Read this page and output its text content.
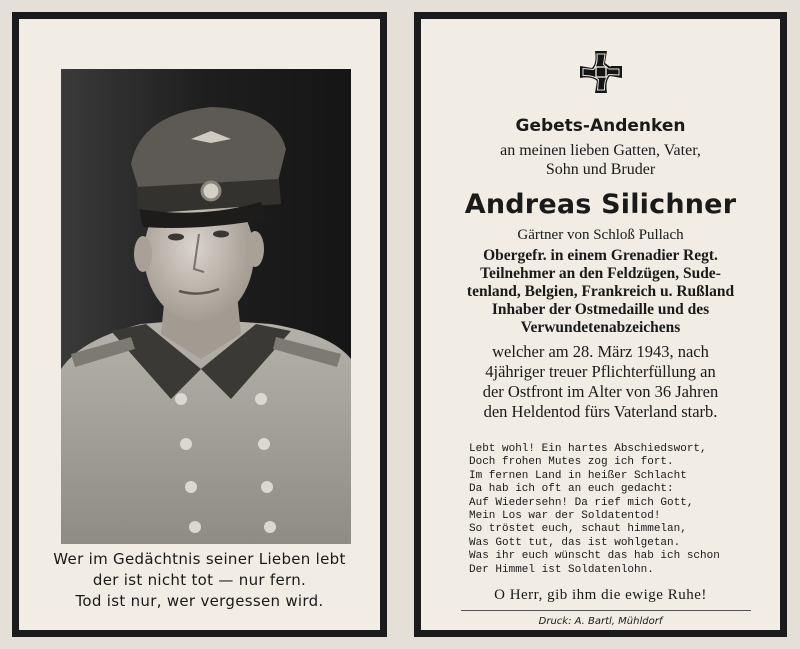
Wer im Gedächtnis seiner Lieben lebt
der ist nicht tot — nur fern.
Tod ist nur, wer vergessen wird.
Gebets-Andenken
an meinen lieben Gatten, Vater,
Sohn und Bruder
Andreas Silichner
Gärtner von Schloß Pullach
Obergefr. in einem Grenadier Regt.
Teilnehmer an den Feldzügen, Sude-
tenland, Belgien, Frankreich u. Rußland
Inhaber der Ostmedaille und des
Verwundetenabzeichens
welcher am 28. März 1943, nach
4jähriger treuer Pflichterfüllung an
der Ostfront im Alter von 36 Jahren
den Heldentod fürs Vaterland starb.
Lebt wohl! Ein hartes Abschiedswort,
Doch frohen Mutes zog ich fort.
Im fernen Land in heißer Schlacht
Da hab ich oft an euch gedacht:
Auf Wiedersehn! Da rief mich Gott,
Mein Los war der Soldatentod!
So tröstet euch, schaut himmelan,
Was Gott tut, das ist wohlgetan.
Was ihr euch wünscht das hab ich schon
Der Himmel ist Soldatenlohn.
O Herr, gib ihm die ewige Ruhe!
Druck: A. Bartl, Mühldorf
